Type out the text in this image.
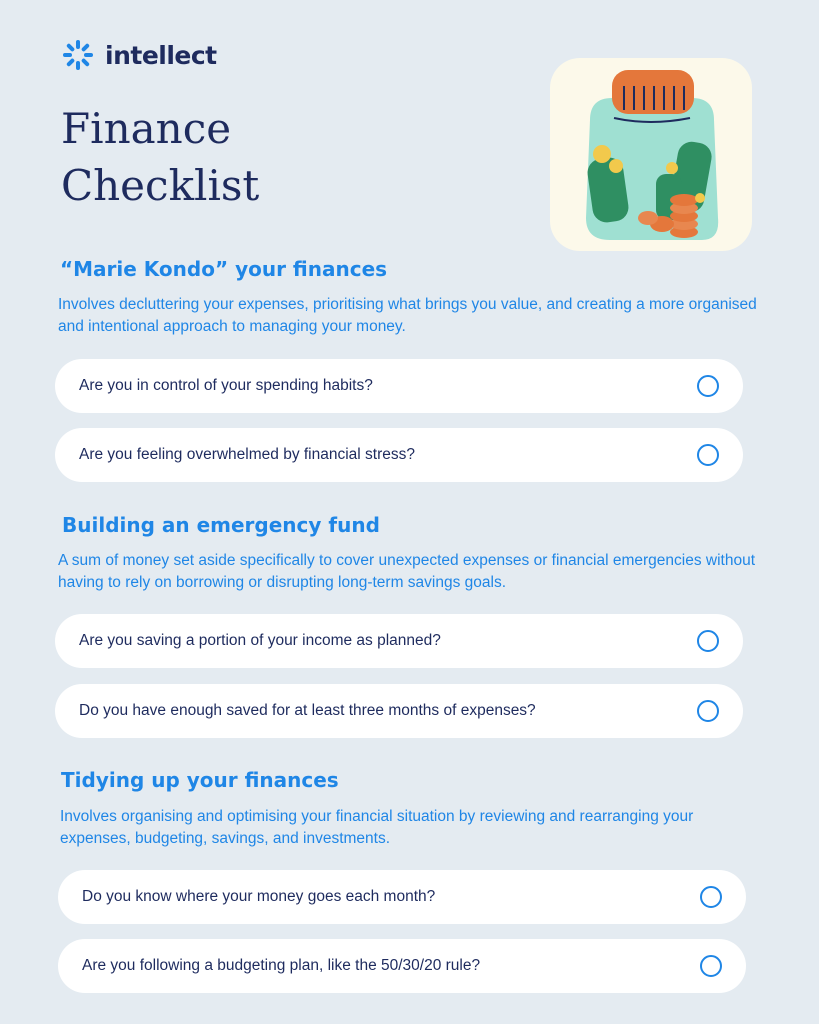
intellect
Finance
Checklist
“Marie Kondo” your finances
Involves decluttering your expenses, prioritising what brings you value, and creating a more organised and intentional approach to managing your money.
Are you in control of your spending habits?
Are you feeling overwhelmed by financial stress?
Building an emergency fund
A sum of money set aside specifically to cover unexpected expenses or financial emergencies without having to rely on borrowing or disrupting long-term savings goals.
Are you saving a portion of your income as planned?
Do you have enough saved for at least three months of expenses?
Tidying up your finances
Involves organising and optimising your financial situation by reviewing and rearranging your expenses, budgeting, savings, and investments.
Do you know where your money goes each month?
Are you following a budgeting plan, like the 50/30/20 rule?
